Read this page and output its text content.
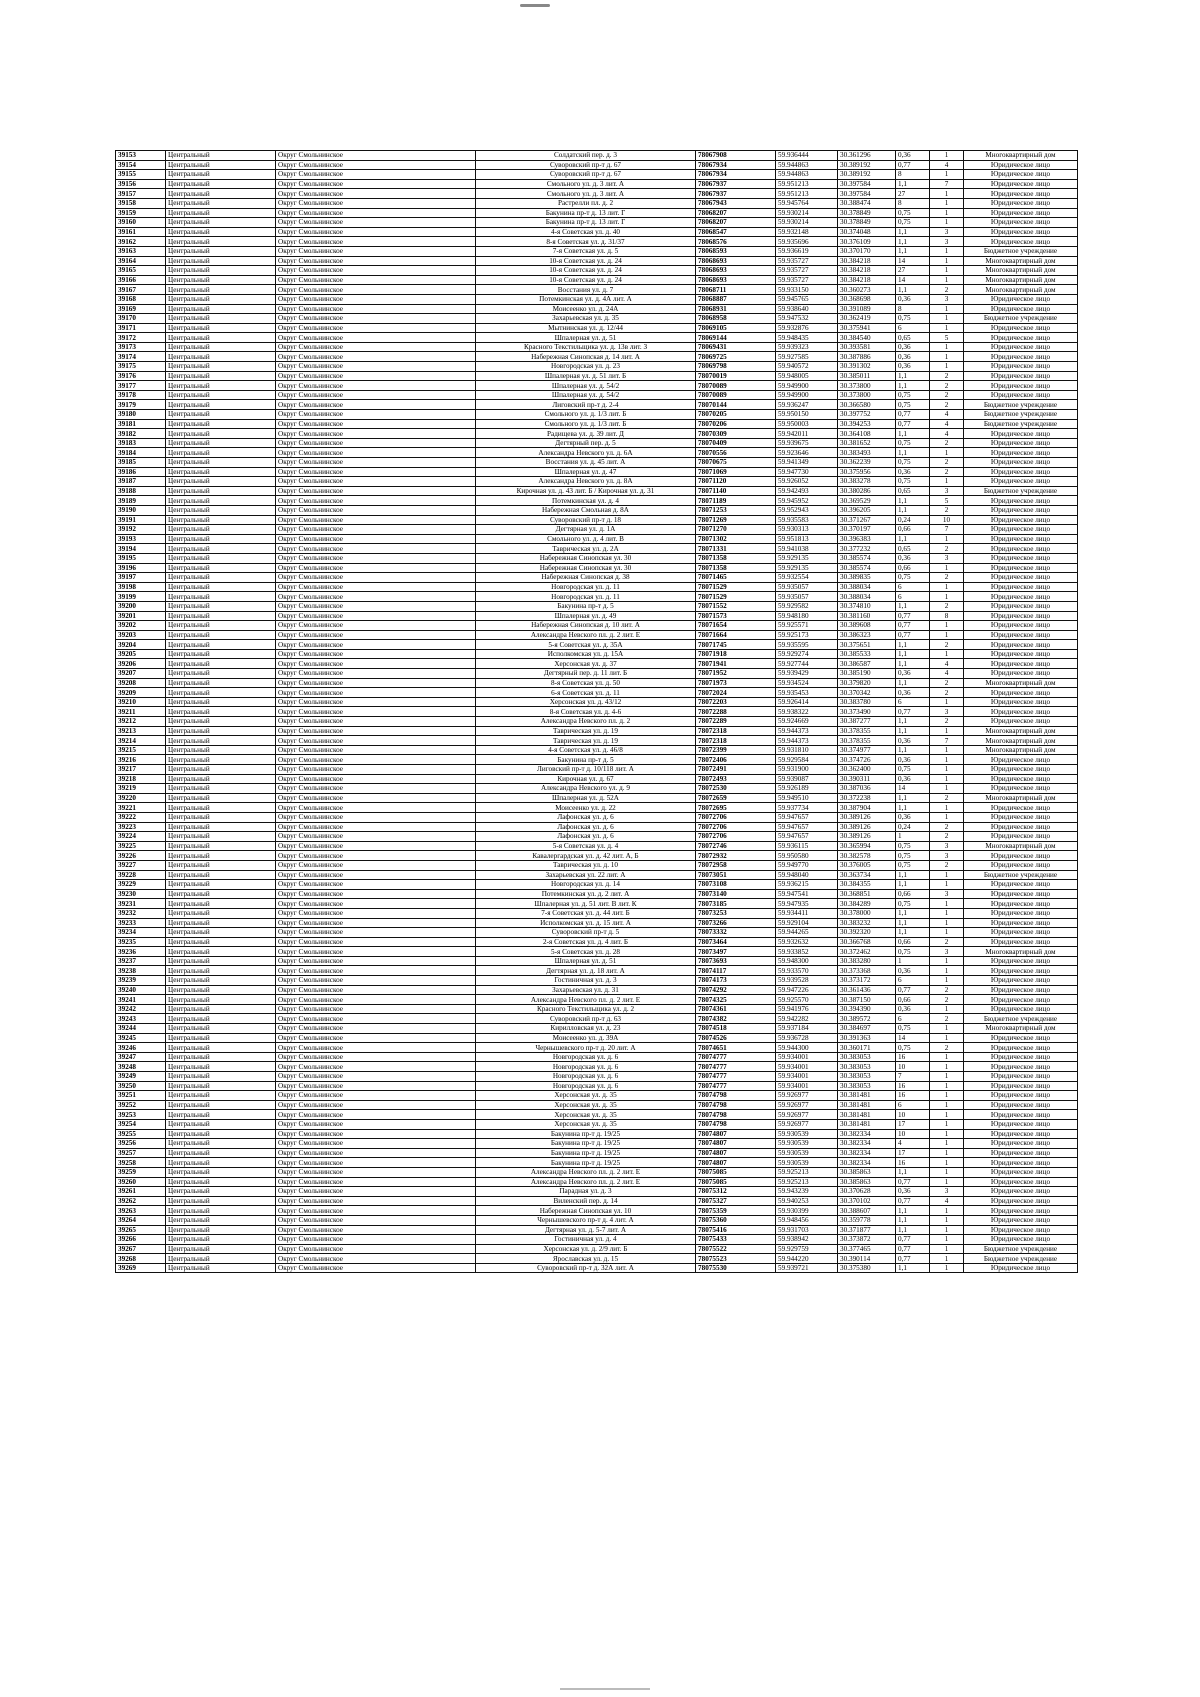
39153	Центральный	Округ Смольнинское	Солдатский пер. д. 3	78067908	59.936444	30.361296	0,36	1	Многоквартирный дом
39154	Центральный	Округ Смольнинское	Суворовский пр-т д. 67	78067934	59.944863	30.389192	0,77	4	Юридическое лицо
39155	Центральный	Округ Смольнинское	Суворовский пр-т д. 67	78067934	59.944863	30.389192	8	1	Юридическое лицо
39156	Центральный	Округ Смольнинское	Смольного ул. д. 3 лит. А	78067937	59.951213	30.397584	1,1	7	Юридическое лицо
39157	Центральный	Округ Смольнинское	Смольного ул. д. 3 лит. А	78067937	59.951213	30.397584	27	1	Юридическое лицо
39158	Центральный	Округ Смольнинское	Растрелли пл. д. 2	78067943	59.945764	30.388474	8	1	Юридическое лицо
39159	Центральный	Округ Смольнинское	Бакунина пр-т д. 13 лит. Г	78068207	59.930214	30.378849	0,75	1	Юридическое лицо
39160	Центральный	Округ Смольнинское	Бакунина пр-т д. 13 лит. Г	78068207	59.930214	30.378849	0,75	1	Юридическое лицо
39161	Центральный	Округ Смольнинское	4-я Советская ул. д. 40	78068547	59.932148	30.374048	1,1	3	Юридическое лицо
39162	Центральный	Округ Смольнинское	8-я Советская ул. д. 31/37	78068576	59.935696	30.376109	1,1	3	Юридическое лицо
39163	Центральный	Округ Смольнинское	7-я Советская ул. д. 5	78068593	59.936619	30.370170	1,1	1	Бюджетное учреждение
39164	Центральный	Округ Смольнинское	10-я Советская ул. д. 24	78068693	59.935727	30.384218	14	1	Многоквартирный дом
39165	Центральный	Округ Смольнинское	10-я Советская ул. д. 24	78068693	59.935727	30.384218	27	1	Многоквартирный дом
39166	Центральный	Округ Смольнинское	10-я Советская ул. д. 24	78068693	59.935727	30.384218	14	1	Многоквартирный дом
39167	Центральный	Округ Смольнинское	Восстания ул. д. 7	78068711	59.933150	30.360273	1,1	2	Многоквартирный дом
39168	Центральный	Округ Смольнинское	Потемкинская ул. д. 4А лит. А	78068887	59.945765	30.368698	0,36	3	Юридическое лицо
39169	Центральный	Округ Смольнинское	Моисеенко ул. д. 24А	78068931	59.938640	30.391089	8	1	Юридическое лицо
39170	Центральный	Округ Смольнинское	Захарьевская ул. д. 35	78068958	59.947532	30.362419	0,75	1	Бюджетное учреждение
39171	Центральный	Округ Смольнинское	Мытнинская ул. д. 12/44	78069105	59.932876	30.375941	6	1	Юридическое лицо
39172	Центральный	Округ Смольнинское	Шпалерная ул. д. 51	78069144	59.948435	30.384540	0,65	5	Юридическое лицо
39173	Центральный	Округ Смольнинское	Красного Текстильщика ул. д. 13в лит. З	78069431	59.939323	30.393581	0,36	1	Юридическое лицо
39174	Центральный	Округ Смольнинское	Набережная Синопская д. 14 лит. А	78069725	59.927585	30.387886	0,36	1	Юридическое лицо
39175	Центральный	Округ Смольнинское	Новгородская ул. д. 23	78069798	59.940572	30.391302	0,36	1	Юридическое лицо
39176	Центральный	Округ Смольнинское	Шпалерная ул. д. 51 лит. Б	78070019	59.948005	30.385011	1,1	2	Юридическое лицо
39177	Центральный	Округ Смольнинское	Шпалерная ул. д. 54/2	78070089	59.949900	30.373800	1,1	2	Юридическое лицо
39178	Центральный	Округ Смольнинское	Шпалерная ул. д. 54/2	78070089	59.949900	30.373800	0,75	2	Юридическое лицо
39179	Центральный	Округ Смольнинское	Лиговский пр-т д. 2-4	78070144	59.936247	30.366580	0,75	2	Бюджетное учреждение
39180	Центральный	Округ Смольнинское	Смольного ул. д. 1/3 лит. Б	78070205	59.950150	30.397752	0,77	4	Бюджетное учреждение
39181	Центральный	Округ Смольнинское	Смольного ул. д. 1/3 лит. Б	78070206	59.950003	30.394253	0,77	4	Бюджетное учреждение
39182	Центральный	Округ Смольнинское	Радищева ул. д. 39 лит. Д	78070309	59.942011	30.364108	1,1	4	Юридическое лицо
39183	Центральный	Округ Смольнинское	Дегтярный пер. д. 5	78070409	59.939675	30.381652	0,75	2	Юридическое лицо
39184	Центральный	Округ Смольнинское	Александра Невского ул. д. 6А	78070556	59.923646	30.383493	1,1	1	Юридическое лицо
39185	Центральный	Округ Смольнинское	Восстания ул. д. 45 лит. А	78070675	59.941349	30.362239	0,75	2	Юридическое лицо
39186	Центральный	Округ Смольнинское	Шпалерная ул. д. 47	78071069	59.947730	30.375956	0,36	2	Юридическое лицо
39187	Центральный	Округ Смольнинское	Александра Невского ул. д. 8А	78071120	59.926052	30.383278	0,75	1	Юридическое лицо
39188	Центральный	Округ Смольнинское	Кирочная ул. д. 43 лит. Б / Кирочная ул. д. 31	78071140	59.942493	30.380286	0,65	3	Бюджетное учреждение
39189	Центральный	Округ Смольнинское	Потемкинская ул. д. 4	78071189	59.945952	30.369529	1,1	5	Юридическое лицо
39190	Центральный	Округ Смольнинское	Набережная Смольная д. 8А	78071253	59.952943	30.396205	1,1	2	Юридическое лицо
39191	Центральный	Округ Смольнинское	Суворовский пр-т д. 18	78071269	59.935583	30.371267	0,24	10	Юридическое лицо
39192	Центральный	Округ Смольнинское	Дегтярная ул. д. 1А	78071270	59.930313	30.370197	0,66	7	Юридическое лицо
39193	Центральный	Округ Смольнинское	Смольного ул. д. 4 лит. В	78071302	59.951813	30.396383	1,1	1	Юридическое лицо
39194	Центральный	Округ Смольнинское	Таврическая ул. д. 2А	78071331	59.941038	30.377232	0,65	2	Юридическое лицо
39195	Центральный	Округ Смольнинское	Набережная Синопская ул. 30	78071358	59.929135	30.385574	0,36	3	Юридическое лицо
39196	Центральный	Округ Смольнинское	Набережная Синопская ул. 30	78071358	59.929135	30.385574	0,66	1	Юридическое лицо
39197	Центральный	Округ Смольнинское	Набережная Синопская д. 38	78071465	59.932554	30.389835	0,75	2	Юридическое лицо
39198	Центральный	Округ Смольнинское	Новгородская ул. д. 11	78071529	59.935057	30.388034	6	1	Юридическое лицо
39199	Центральный	Округ Смольнинское	Новгородская ул. д. 11	78071529	59.935057	30.388034	6	1	Юридическое лицо
39200	Центральный	Округ Смольнинское	Бакунина пр-т д. 5	78071552	59.929582	30.374810	1,1	2	Юридическое лицо
39201	Центральный	Округ Смольнинское	Шпалерная ул. д. 49	78071573	59.948180	30.381160	0,77	8	Юридическое лицо
39202	Центральный	Округ Смольнинское	Набережная Синопская д. 10 лит. А	78071654	59.925571	30.389608	0,77	1	Юридическое лицо
39203	Центральный	Округ Смольнинское	Александра Невского пл. д. 2 лит. Е	78071664	59.925173	30.386323	0,77	1	Юридическое лицо
39204	Центральный	Округ Смольнинское	5-я Советская ул. д. 35А	78071745	59.935595	30.375651	1,1	2	Юридическое лицо
39205	Центральный	Округ Смольнинское	Исполкомская ул. д. 15А	78071918	59.929274	30.385533	1,1	1	Юридическое лицо
39206	Центральный	Округ Смольнинское	Херсонская ул. д. 37	78071941	59.927744	30.386587	1,1	4	Юридическое лицо
39207	Центральный	Округ Смольнинское	Дегтярный пер. д. 11 лит. Б	78071952	59.939429	30.385190	0,36	4	Юридическое лицо
39208	Центральный	Округ Смольнинское	8-я Советская ул. д. 50	78071973	59.934524	30.379820	1,1	2	Многоквартирный дом
39209	Центральный	Округ Смольнинское	6-я Советская ул. д. 11	78072024	59.935453	30.370342	0,36	2	Юридическое лицо
39210	Центральный	Округ Смольнинское	Херсонская ул. д. 43/12	78072203	59.926414	30.383780	6	1	Юридическое лицо
39211	Центральный	Округ Смольнинское	8-я Советская ул. д. 4-6	78072288	59.938322	30.373490	0,77	3	Юридическое лицо
39212	Центральный	Округ Смольнинское	Александра Невского пл. д. 2	78072289	59.924669	30.387277	1,1	2	Юридическое лицо
39213	Центральный	Округ Смольнинское	Таврическая ул. д. 19	78072318	59.944373	30.378355	1,1	1	Многоквартирный дом
39214	Центральный	Округ Смольнинское	Таврическая ул. д. 19	78072318	59.944373	30.378355	0,36	7	Многоквартирный дом
39215	Центральный	Округ Смольнинское	4-я Советская ул. д. 46/8	78072399	59.931810	30.374977	1,1	1	Многоквартирный дом
39216	Центральный	Округ Смольнинское	Бакунина пр-т д. 5	78072406	59.929584	30.374726	0,36	1	Юридическое лицо
39217	Центральный	Округ Смольнинское	Лиговский пр-т д. 10/118 лит. А	78072491	59.931900	30.362400	0,75	1	Юридическое лицо
39218	Центральный	Округ Смольнинское	Кирочная ул. д. 67	78072493	59.939087	30.390311	0,36	1	Юридическое лицо
39219	Центральный	Округ Смольнинское	Александра Невского ул. д. 9	78072530	59.926189	30.387036	14	1	Юридическое лицо
39220	Центральный	Округ Смольнинское	Шпалерная ул. д. 52А	78072659	59.949510	30.372238	1,1	2	Многоквартирный дом
39221	Центральный	Округ Смольнинское	Моисеенко ул. д. 22	78072695	59.937734	30.387904	1,1	1	Юридическое лицо
39222	Центральный	Округ Смольнинское	Лафонская ул. д. 6	78072706	59.947657	30.389126	0,36	1	Юридическое лицо
39223	Центральный	Округ Смольнинское	Лафонская ул. д. 6	78072706	59.947657	30.389126	0,24	2	Юридическое лицо
39224	Центральный	Округ Смольнинское	Лафонская ул. д. 6	78072706	59.947657	30.389126	1	2	Юридическое лицо
39225	Центральный	Округ Смольнинское	5-я Советская ул. д. 4	78072746	59.936115	30.365994	0,75	3	Многоквартирный дом
39226	Центральный	Округ Смольнинское	Кавалергардская ул. д. 42 лит. А, Б	78072932	59.950580	30.382578	0,75	3	Юридическое лицо
39227	Центральный	Округ Смольнинское	Таврическая ул. д. 10	78072958	59.949770	30.376005	0,75	2	Юридическое лицо
39228	Центральный	Округ Смольнинское	Захарьевская ул. 22 лит. А	78073051	59.948040	30.363734	1,1	1	Бюджетное учреждение
39229	Центральный	Округ Смольнинское	Новгородская ул. д. 14	78073108	59.936215	30.384355	1,1	1	Юридическое лицо
39230	Центральный	Округ Смольнинское	Потемкинская ул. д. 2 лит. А	78073140	59.947541	30.368851	0,66	3	Юридическое лицо
39231	Центральный	Округ Смольнинское	Шпалерная ул. д. 51 лит. В лит. К	78073185	59.947935	30.384289	0,75	1	Юридическое лицо
39232	Центральный	Округ Смольнинское	7-я Советская ул. д. 44 лит. Б	78073253	59.934411	30.378000	1,1	1	Юридическое лицо
39233	Центральный	Округ Смольнинское	Исполкомская ул. д. 15 лит. А	78073266	59.929104	30.383232	1,1	1	Юридическое лицо
39234	Центральный	Округ Смольнинское	Суворовский пр-т д. 5	78073332	59.944265	30.392320	1,1	1	Юридическое лицо
39235	Центральный	Округ Смольнинское	2-я Советская ул. д. 4 лит. Б	78073464	59.932632	30.366768	0,66	2	Юридическое лицо
39236	Центральный	Округ Смольнинское	5-я Советская ул. д. 28	78073497	59.933852	30.372462	0,75	3	Многоквартирный дом
39237	Центральный	Округ Смольнинское	Шпалерная ул. д. 51	78073693	59.948300	30.383280	1	1	Юридическое лицо
39238	Центральный	Округ Смольнинское	Дегтярная ул. д. 18 лит. А	78074117	59.933570	30.373368	0,36	1	Юридическое лицо
39239	Центральный	Округ Смольнинское	Гостиничная ул. д. 3	78074173	59.939528	30.373172	6	1	Юридическое лицо
39240	Центральный	Округ Смольнинское	Захарьевская ул. д. 31	78074292	59.947226	30.361436	0,77	2	Юридическое лицо
39241	Центральный	Округ Смольнинское	Александра Невского пл. д. 2 лит. Е	78074325	59.925570	30.387150	0,66	2	Юридическое лицо
39242	Центральный	Округ Смольнинское	Красного Текстильщика ул. д. 2	78074361	59.941976	30.394390	0,36	1	Юридическое лицо
39243	Центральный	Округ Смольнинское	Суворовский пр-т д. 63	78074382	59.942282	30.389572	6	2	Бюджетное учреждение
39244	Центральный	Округ Смольнинское	Кирилловская ул. д. 23	78074518	59.937184	30.384697	0,75	1	Многоквартирный дом
39245	Центральный	Округ Смольнинское	Моисеенко ул. д. 39А	78074526	59.936728	30.391363	14	1	Юридическое лицо
39246	Центральный	Округ Смольнинское	Чернышевского пр-т д. 20 лит. А	78074651	59.944300	30.360171	0,75	2	Юридическое лицо
39247	Центральный	Округ Смольнинское	Новгородская ул. д. 6	78074777	59.934001	30.383053	16	1	Юридическое лицо
39248	Центральный	Округ Смольнинское	Новгородская ул. д. 6	78074777	59.934001	30.383053	10	1	Юридическое лицо
39249	Центральный	Округ Смольнинское	Новгородская ул. д. 6	78074777	59.934001	30.383053	7	1	Юридическое лицо
39250	Центральный	Округ Смольнинское	Новгородская ул. д. 6	78074777	59.934001	30.383053	16	1	Юридическое лицо
39251	Центральный	Округ Смольнинское	Херсонская ул. д. 35	78074798	59.926977	30.381481	16	1	Юридическое лицо
39252	Центральный	Округ Смольнинское	Херсонская ул. д. 35	78074798	59.926977	30.381481	6	1	Юридическое лицо
39253	Центральный	Округ Смольнинское	Херсонская ул. д. 35	78074798	59.926977	30.381481	10	1	Юридическое лицо
39254	Центральный	Округ Смольнинское	Херсонская ул. д. 35	78074798	59.926977	30.381481	17	1	Юридическое лицо
39255	Центральный	Округ Смольнинское	Бакунина пр-т д. 19/25	78074807	59.930539	30.382334	10	1	Юридическое лицо
39256	Центральный	Округ Смольнинское	Бакунина пр-т д. 19/25	78074807	59.930539	30.382334	4	1	Юридическое лицо
39257	Центральный	Округ Смольнинское	Бакунина пр-т д. 19/25	78074807	59.930539	30.382334	17	1	Юридическое лицо
39258	Центральный	Округ Смольнинское	Бакунина пр-т д. 19/25	78074807	59.930539	30.382334	16	1	Юридическое лицо
39259	Центральный	Округ Смольнинское	Александра Невского пл. д. 2 лит. Е	78075085	59.925213	30.385863	1,1	1	Юридическое лицо
39260	Центральный	Округ Смольнинское	Александра Невского пл. д. 2 лит. Е	78075085	59.925213	30.385863	0,77	1	Юридическое лицо
39261	Центральный	Округ Смольнинское	Парадная ул. д. 3	78075312	59.943239	30.370628	0,36	3	Юридическое лицо
39262	Центральный	Округ Смольнинское	Виленский пер. д. 14	78075327	59.940253	30.370102	0,77	4	Юридическое лицо
39263	Центральный	Округ Смольнинское	Набережная Синопская ул. 10	78075359	59.930399	30.388607	1,1	1	Юридическое лицо
39264	Центральный	Округ Смольнинское	Чернышевского пр-т д. 4 лит. А	78075360	59.948456	30.359778	1,1	1	Юридическое лицо
39265	Центральный	Округ Смольнинское	Дегтярная ул. д. 5-7 лит. А	78075416	59.931703	30.371877	1,1	1	Юридическое лицо
39266	Центральный	Округ Смольнинское	Гостиничная ул. д. 4	78075433	59.938942	30.373872	0,77	1	Юридическое лицо
39267	Центральный	Округ Смольнинское	Херсонская ул. д. 2/9 лит. Б	78075522	59.929759	30.377465	0,77	1	Бюджетное учреждение
39268	Центральный	Округ Смольнинское	Ярославская ул. д. 15	78075523	59.944220	30.390114	0,77	1	Бюджетное учреждение
39269	Центральный	Округ Смольнинское	Суворовский пр-т д. 32А лит. А	78075530	59.939721	30.375380	1,1	1	Юридическое лицо
